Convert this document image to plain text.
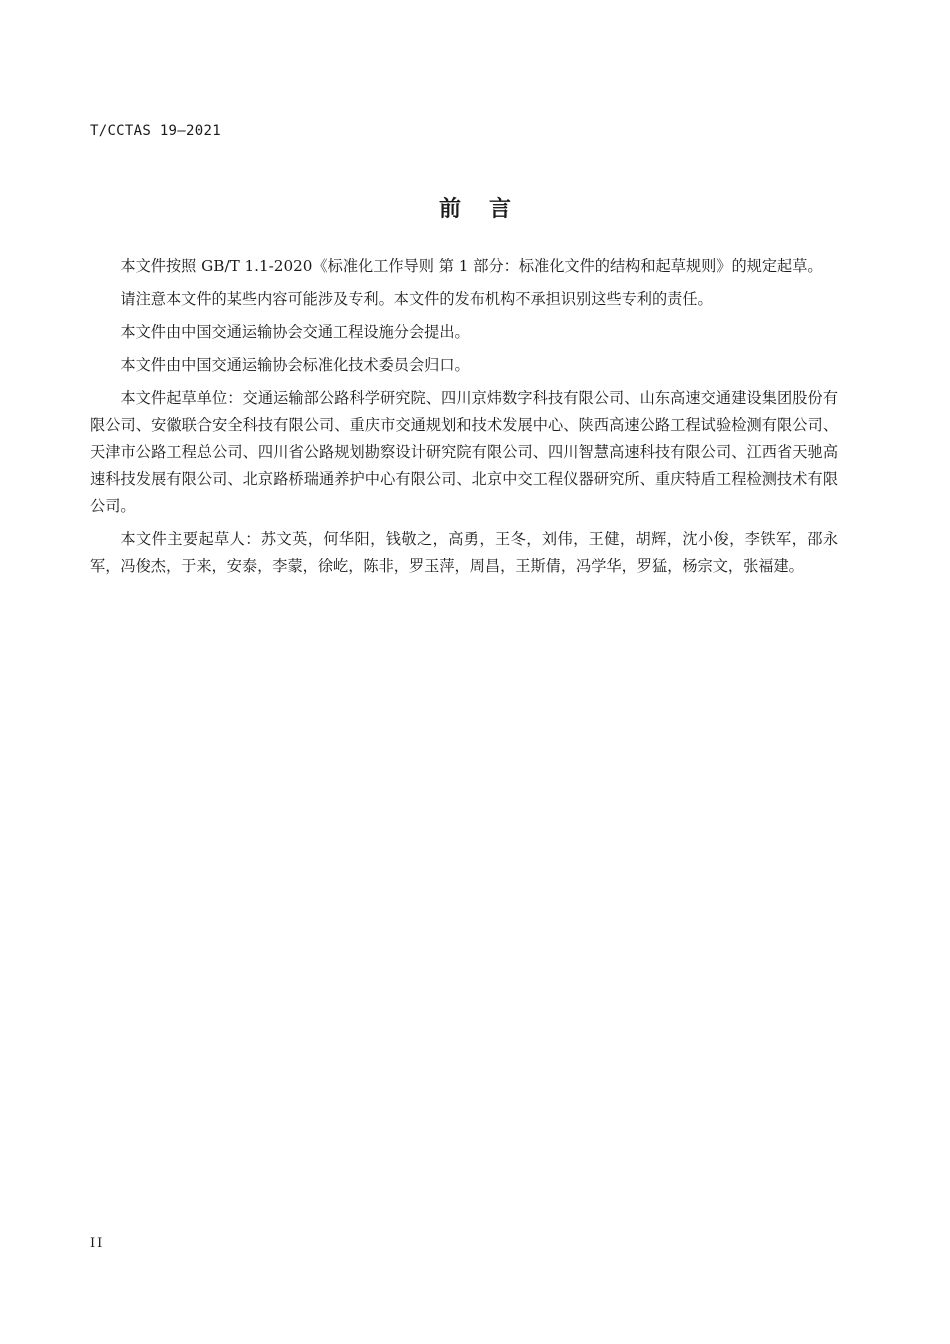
T/CCTAS 19—2021
前言

本文件按照 GB/T 1.1-2020《标准化工作导则 第 1 部分：标准化文件的结构和起草规则》的规定起草。

请注意本文件的某些内容可能涉及专利。本文件的发布机构不承担识别这些专利的责任。

本文件由中国交通运输协会交通工程设施分会提出。

本文件由中国交通运输协会标准化技术委员会归口。

本文件起草单位：交通运输部公路科学研究院、四川京炜数字科技有限公司、山东高速交通建设集团股份有限公司、安徽联合安全科技有限公司、重庆市交通规划和技术发展中心、陕西高速公路工程试验检测有限公司、天津市公路工程总公司、四川省公路规划勘察设计研究院有限公司、四川智慧高速科技有限公司、江西省天驰高速科技发展有限公司、北京路桥瑞通养护中心有限公司、北京中交工程仪器研究所、重庆特盾工程检测技术有限公司。

本文件主要起草人：苏文英，何华阳，钱敬之，高勇，王冬，刘伟，王健，胡辉，沈小俊，李铁军，邵永军，冯俊杰，于来，安泰，李蒙，徐屹，陈非，罗玉萍，周昌，王斯倩，冯学华，罗猛，杨宗文，张福建。

II
